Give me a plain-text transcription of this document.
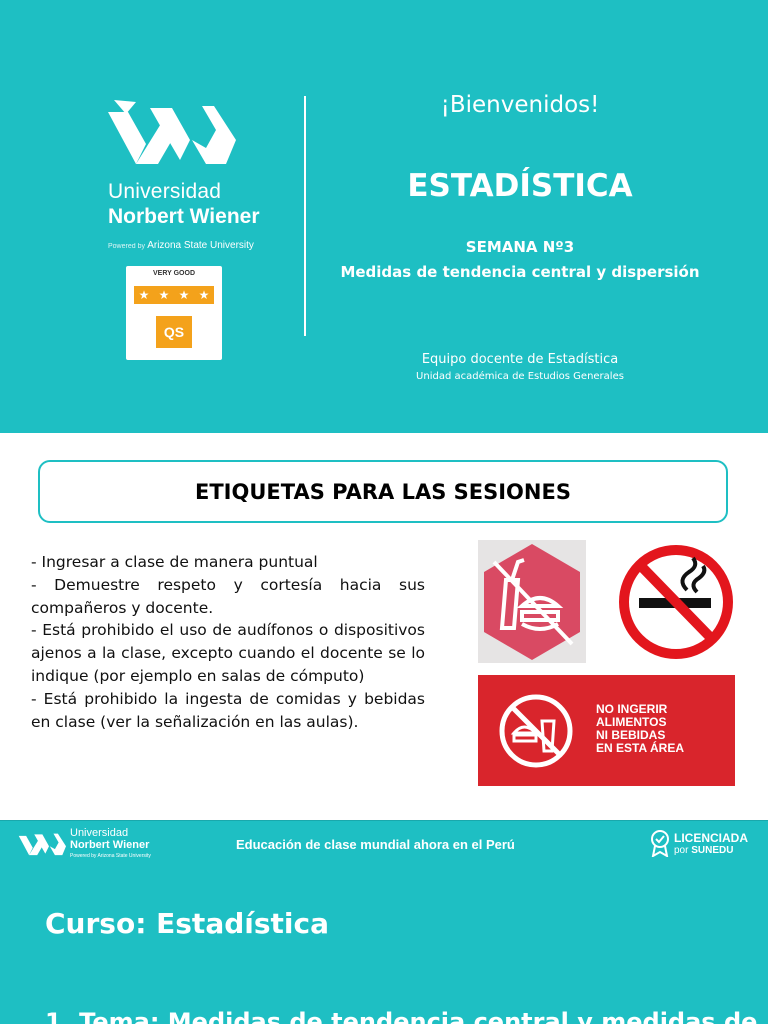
Universidad
Norbert Wiener
Powered by Arizona State University
VERY GOOD
★ ★ ★ ★
QS
¡Bienvenidos!
ESTADÍSTICA
SEMANA Nº3
Medidas de tendencia central y dispersión
Equipo docente de Estadística
Unidad académica de Estudios Generales
ETIQUETAS PARA LAS SESIONES

- Ingresar a clase de manera puntual

- Demuestre respeto y cortesía hacia sus compañeros y docente.

- Está prohibido el uso de audífonos o dispositivos ajenos a la clase, excepto cuando el docente se lo indique (por ejemplo en salas de cómputo)

- Está prohibido la ingesta de comidas y bebidas en clase (ver la señalización en las aulas).

NO INGERIR
ALIMENTOS
NI BEBIDAS
EN ESTA ÁREA
Universidad
Norbert Wiener
Powered by Arizona State University
Educación de clase mundial ahora en el Perú	LICENCIADA
por SUNEDU
Curso: Estadística
1. Tema: Medidas de tendencia central y medidas de
